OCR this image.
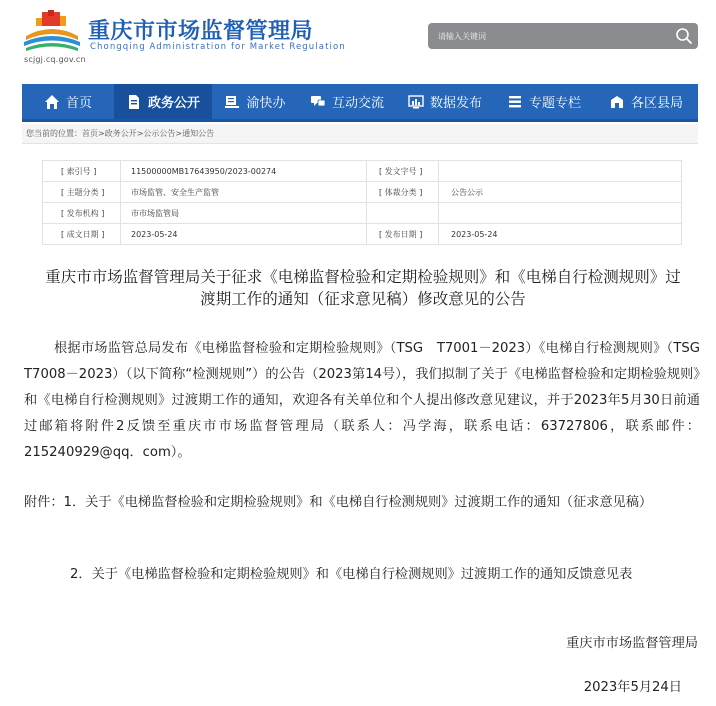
scjgj.cq.gov.cn
重庆市市场监督管理局
Chongqing Administration for Market Regulation
请输入关键词
首页	政务公开	渝快办	互动交流	数据发布	专题专栏	各区县局
您当前的位置：首页>政务公开>公示公告>通知公告
[ 索引号 ]	11500000MB17643950/2023-00274	[ 发文字号 ]	
[ 主题分类 ]	市场监管、安全生产监管	[ 体裁分类 ]	公告公示
[ 发布机构 ]	市市场监管局		
[ 成文日期 ]	2023-05-24	[ 发布日期 ]	2023-05-24
重庆市市场监督管理局关于征求《电梯监督检验和定期检验规则》和《电梯自行检测规则》过渡期工作的通知（征求意见稿）修改意见的公告

根据市场监管总局发布《电梯监督检验和定期检验规则》（TSG　T7001－2023）《电梯自行检测规则》（TSG　T7008－2023）（以下简称“检测规则”）的公告（2023第14号），我们拟制了关于《电梯监督检验和定期检验规则》和《电梯自行检测规则》过渡期工作的通知，欢迎各有关单位和个人提出修改意见建议，并于2023年5月30日前通过邮箱将附件2反馈至重庆市市场监督管理局（联系人：冯学海，联系电话：63727806，联系邮件：215240929@qq．com）。

附件：1．关于《电梯监督检验和定期检验规则》和《电梯自行检测规则》过渡期工作的通知（征求意见稿）

2．关于《电梯监督检验和定期检验规则》和《电梯自行检测规则》过渡期工作的通知反馈意见表

重庆市市场监督管理局
2023年5月24日
